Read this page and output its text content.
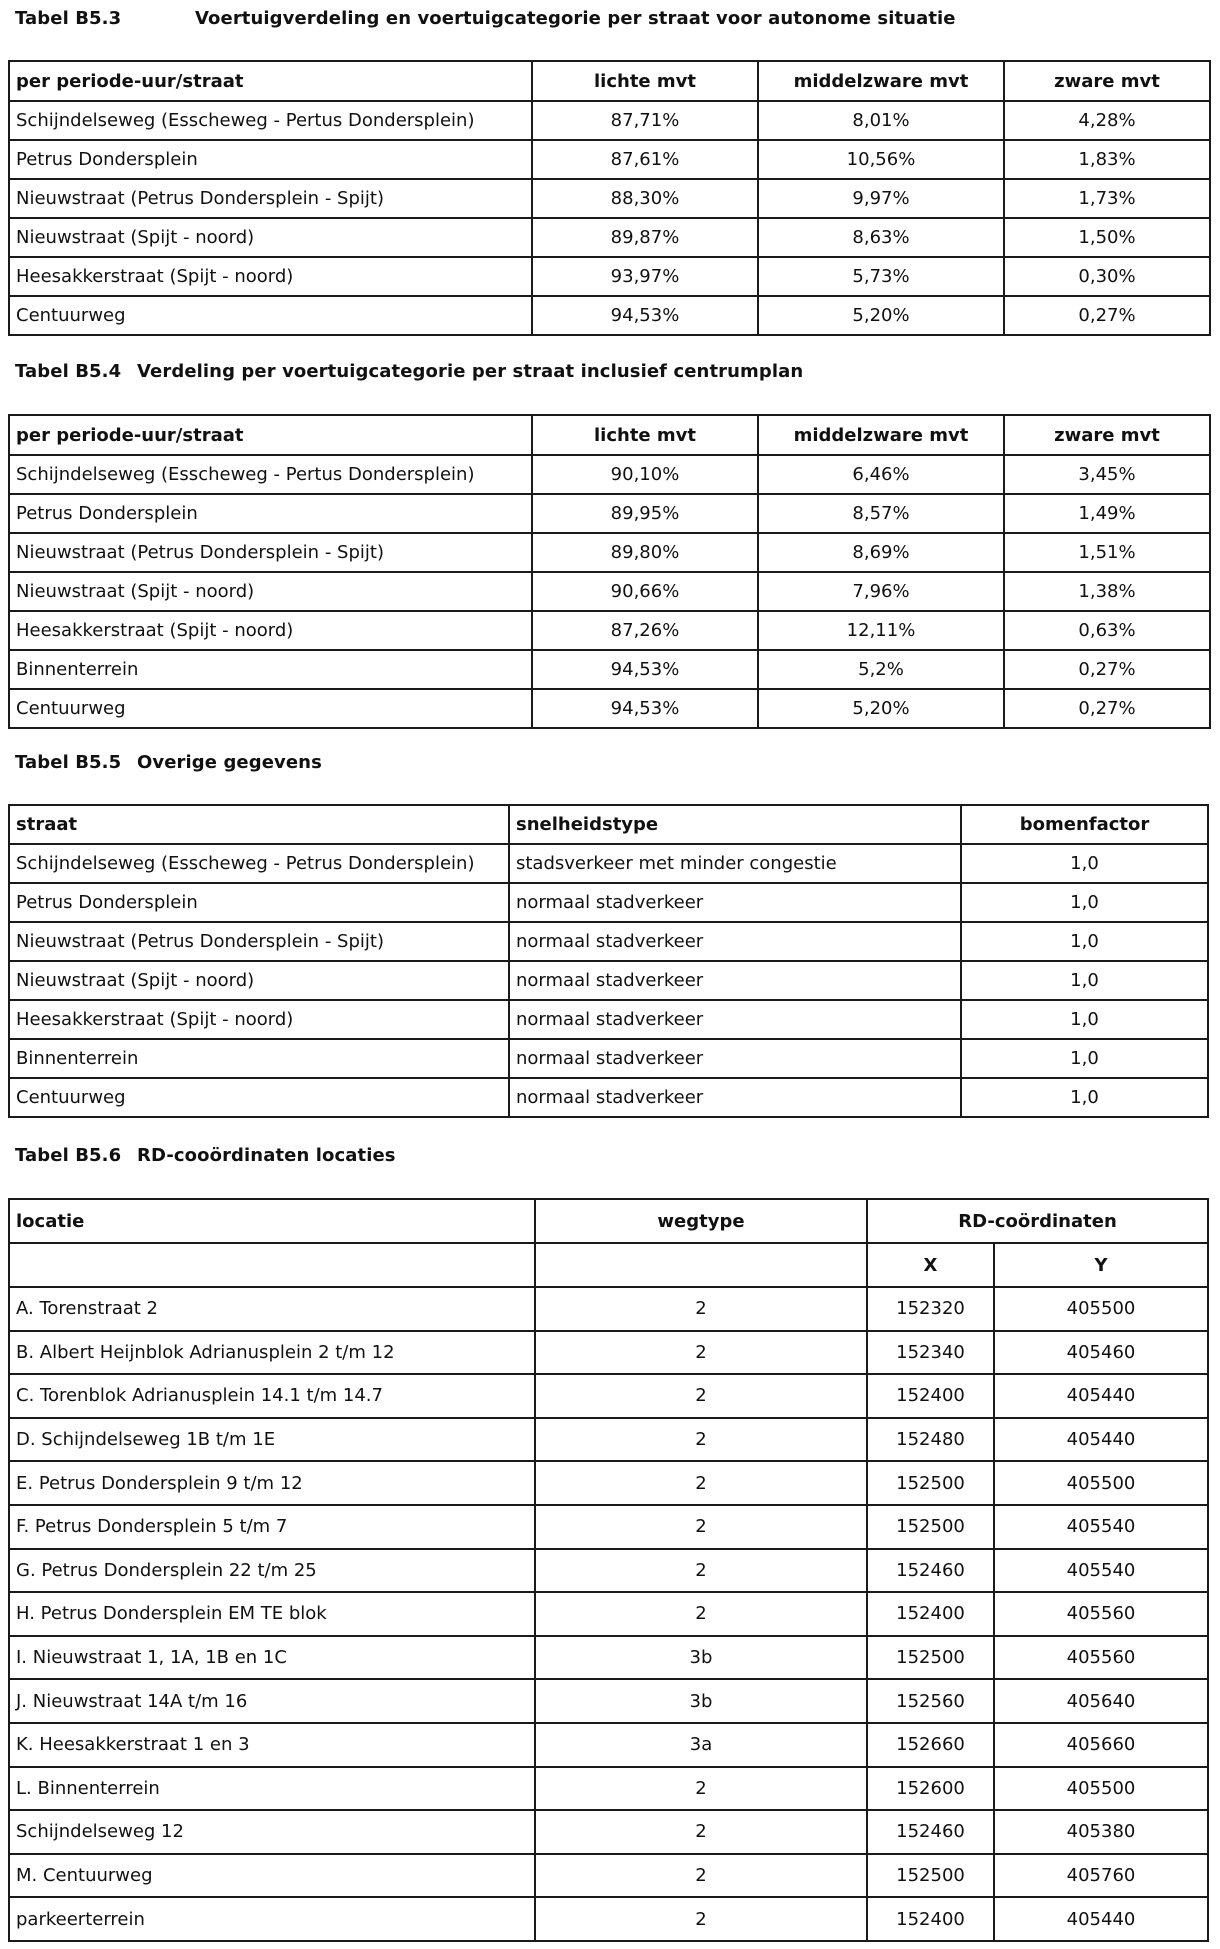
Tabel B5.3	Voertuigverdeling en voertuigcategorie per straat voor autonome situatie
per periode-uur/straat	lichte mvt	middelzware mvt	zware mvt
Schijndelseweg (Esscheweg - Pertus Dondersplein)	87,71%	8,01%	4,28%
Petrus Dondersplein	87,61%	10,56%	1,83%
Nieuwstraat (Petrus Dondersplein - Spijt)	88,30%	9,97%	1,73%
Nieuwstraat (Spijt - noord)	89,87%	8,63%	1,50%
Heesakkerstraat (Spijt - noord)	93,97%	5,73%	0,30%
Centuurweg	94,53%	5,20%	0,27%
Tabel B5.4 Verdeling per voertuigcategorie per straat inclusief centrumplan
per periode-uur/straat	lichte mvt	middelzware mvt	zware mvt
Schijndelseweg (Esscheweg - Pertus Dondersplein)	90,10%	6,46%	3,45%
Petrus Dondersplein	89,95%	8,57%	1,49%
Nieuwstraat (Petrus Dondersplein - Spijt)	89,80%	8,69%	1,51%
Nieuwstraat (Spijt - noord)	90,66%	7,96%	1,38%
Heesakkerstraat (Spijt - noord)	87,26%	12,11%	0,63%
Binnenterrein	94,53%	5,2%	0,27%
Centuurweg	94,53%	5,20%	0,27%
Tabel B5.5 Overige gegevens
straat	snelheidstype	bomenfactor
Schijndelseweg (Esscheweg - Petrus Dondersplein)	stadsverkeer met minder congestie	1,0
Petrus Dondersplein	normaal stadverkeer	1,0
Nieuwstraat (Petrus Dondersplein - Spijt)	normaal stadverkeer	1,0
Nieuwstraat (Spijt - noord)	normaal stadverkeer	1,0
Heesakkerstraat (Spijt - noord)	normaal stadverkeer	1,0
Binnenterrein	normaal stadverkeer	1,0
Centuurweg	normaal stadverkeer	1,0
Tabel B5.6 RD-cooördinaten locaties
locatie	wegtype	RD-coördinaten	
		X	Y
A. Torenstraat 2	2	152320	405500
B. Albert Heijnblok Adrianusplein 2 t/m 12	2	152340	405460
C. Torenblok Adrianusplein 14.1 t/m 14.7	2	152400	405440
D. Schijndelseweg 1B t/m 1E	2	152480	405440
E. Petrus Dondersplein 9 t/m 12	2	152500	405500
F. Petrus Dondersplein 5 t/m 7	2	152500	405540
G. Petrus Dondersplein 22 t/m 25	2	152460	405540
H. Petrus Dondersplein EM TE blok	2	152400	405560
I. Nieuwstraat 1, 1A, 1B en 1C	3b	152500	405560
J. Nieuwstraat 14A t/m 16	3b	152560	405640
K. Heesakkerstraat 1 en 3	3a	152660	405660
L. Binnenterrein	2	152600	405500
Schijndelseweg 12	2	152460	405380
M. Centuurweg	2	152500	405760
parkeerterrein	2	152400	405440
